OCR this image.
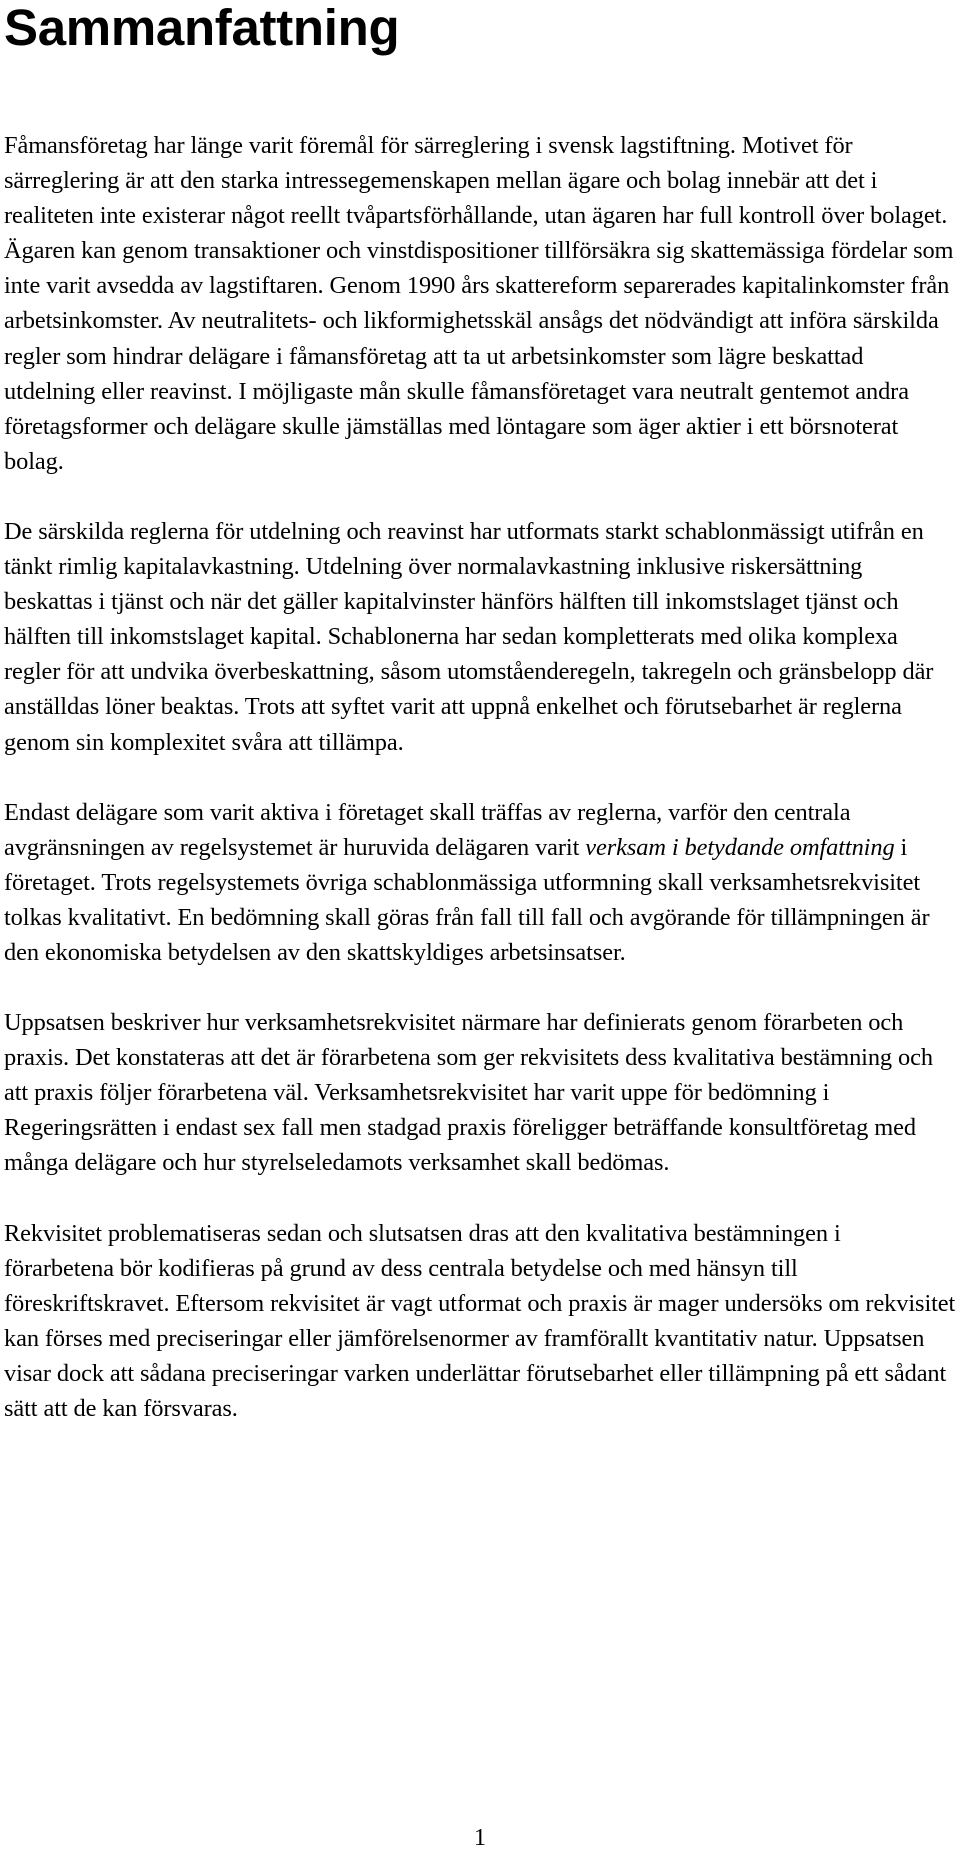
Sammanfattning

Fåmansföretag har länge varit föremål för särreglering i svensk lagstiftning. Motivet för särreglering är att den starka intressegemenskapen mellan ägare och bolag innebär att det i realiteten inte existerar något reellt tvåpartsförhållande, utan ägaren har full kontroll över bolaget. Ägaren kan genom transaktioner och vinstdispositioner tillförsäkra sig skattemässiga fördelar som inte varit avsedda av lagstiftaren. Genom 1990 års skattereform separerades kapitalinkomster från arbetsinkomster. Av neutralitets- och likformighetsskäl ansågs det nödvändigt att införa särskilda regler som hindrar delägare i fåmansföretag att ta ut arbetsinkomster som lägre beskattad utdelning eller reavinst. I möjligaste mån skulle fåmansföretaget vara neutralt gentemot andra företagsformer och delägare skulle jämställas med löntagare som äger aktier i ett börsnoterat bolag.

De särskilda reglerna för utdelning och reavinst har utformats starkt schablonmässigt utifrån en tänkt rimlig kapitalavkastning. Utdelning över normalavkastning inklusive riskersättning beskattas i tjänst och när det gäller kapitalvinster hänförs hälften till inkomstslaget tjänst och hälften till inkomstslaget kapital. Schablonerna har sedan kompletterats med olika komplexa regler för att undvika överbeskattning, såsom utomståenderegeln, takregeln och gränsbelopp där anställdas löner beaktas. Trots att syftet varit att uppnå enkelhet och förutsebarhet är reglerna genom sin komplexitet svåra att tillämpa.

Endast delägare som varit aktiva i företaget skall träffas av reglerna, varför den centrala avgränsningen av regelsystemet är huruvida delägaren varit verksam i betydande omfattning i företaget. Trots regelsystemets övriga schablonmässiga utformning skall verksamhetsrekvisitet tolkas kvalitativt. En bedömning skall göras från fall till fall och avgörande för tillämpningen är den ekonomiska betydelsen av den skattskyldiges arbetsinsatser.

Uppsatsen beskriver hur verksamhetsrekvisitet närmare har definierats genom förarbeten och praxis. Det konstateras att det är förarbetena som ger rekvisitets dess kvalitativa bestämning och att praxis följer förarbetena väl. Verksamhetsrekvisitet har varit uppe för bedömning i Regeringsrätten i endast sex fall men stadgad praxis föreligger beträffande konsultföretag med många delägare och hur styrelseledamots verksamhet skall bedömas.

Rekvisitet problematiseras sedan och slutsatsen dras att den kvalitativa bestämningen i förarbetena bör kodifieras på grund av dess centrala betydelse och med hänsyn till föreskriftskravet. Eftersom rekvisitet är vagt utformat och praxis är mager undersöks om rekvisitet kan förses med preciseringar eller jämförelsenormer av framförallt kvantitativ natur. Uppsatsen visar dock att sådana preciseringar varken underlättar förutsebarhet eller tillämpning på ett sådant sätt att de kan försvaras.

1
